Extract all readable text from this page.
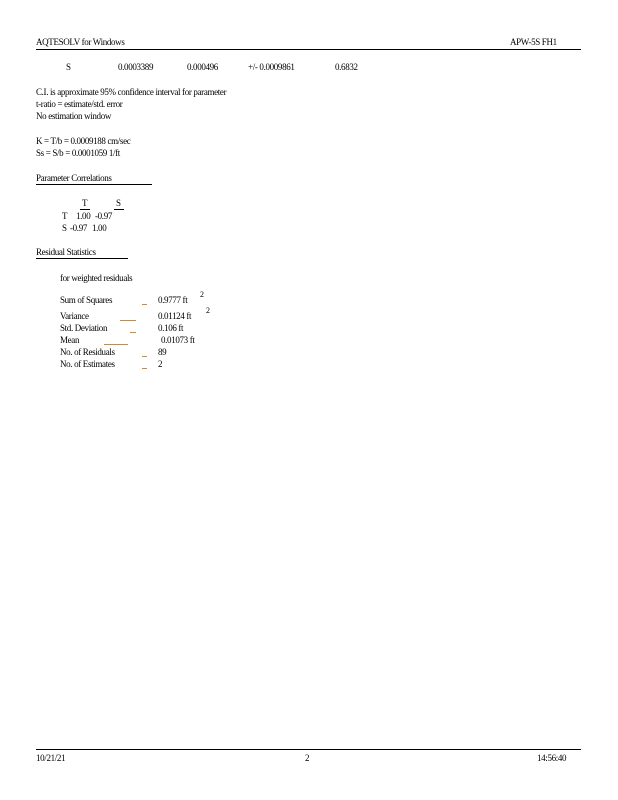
AQTESOLV for Windows	APW-5S FH1
S	0.0003389	0.000496	+/- 0.0009861	0.6832
C.I. is approximate 95% confidence interval for parameter
t-ratio = estimate/std. error
No estimation window
K = T/b = 0.0009188 cm/sec
Ss = S/b = 0.0001059 1/ft
Parameter Correlations
T	S
T 1.00 -0.97
S -0.97 1.00
Residual Statistics
for weighted residuals
Sum of Squares	0.9777 ft
2
Variance	0.01124 ft
2
Std. Deviation	0.106 ft
Mean	0.01073 ft
No. of Residuals	89
No. of Estimates	2
10/21/21	2	14:56:40
